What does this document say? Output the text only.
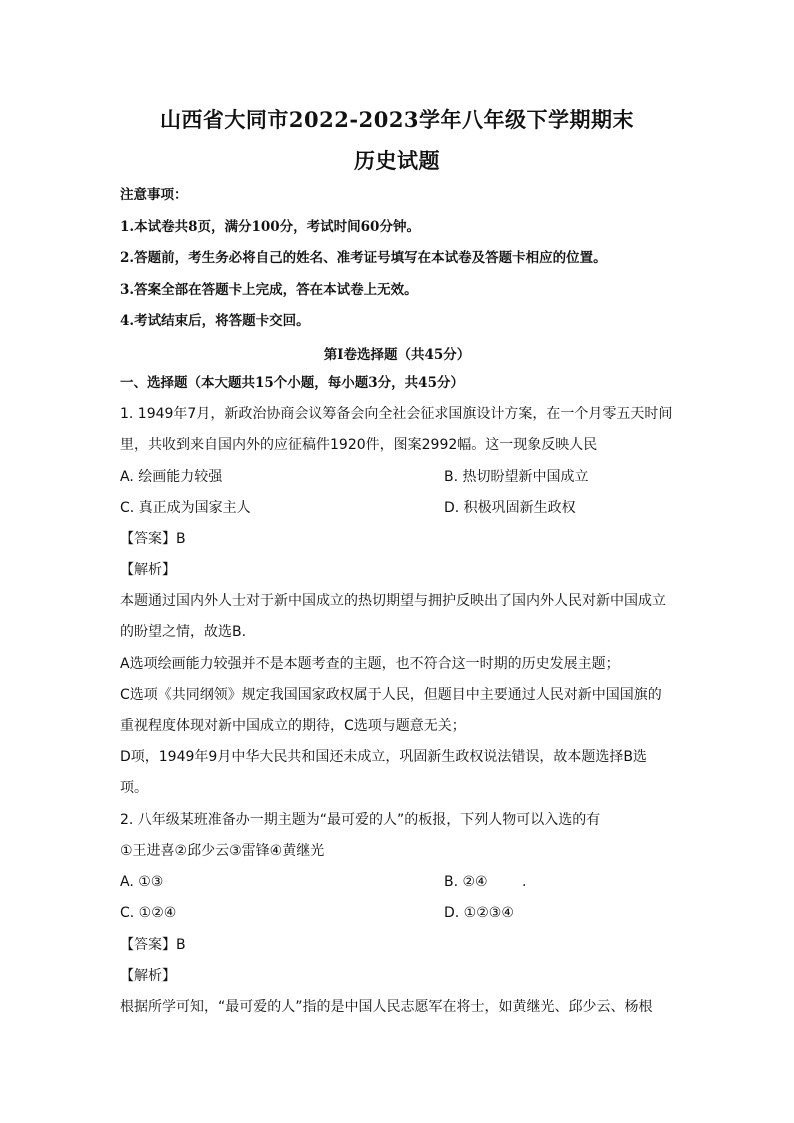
山西省大同市2022-2023学年八年级下学期期末
历史试题
注意事项：
1.本试卷共8页，满分100分，考试时间60分钟。
2.答题前，考生务必将自己的姓名、准考证号填写在本试卷及答题卡相应的位置。
3.答案全部在答题卡上完成，答在本试卷上无效。
4.考试结束后，将答题卡交回。
第Ⅰ卷选择题（共45分）
一、选择题（本大题共15个小题，每小题3分，共45分）
1. 1949年7月，新政治协商会议筹备会向全社会征求国旗设计方案，在一个月零五天时间
里，共收到来自国内外的应征稿件1920件，图案2992幅。这一现象反映人民
A. 绘画能力较强	B. 热切盼望新中国成立
C. 真正成为国家主人	D. 积极巩固新生政权
【答案】B
【解析】
本题通过国内外人士对于新中国成立的热切期望与拥护反映出了国内外人民对新中国成立
的盼望之情，故选B.
A选项绘画能力较强并不是本题考查的主题，也不符合这一时期的历史发展主题；
C选项《共同纲领》规定我国国家政权属于人民，但题目中主要通过人民对新中国国旗的
重视程度体现对新中国成立的期待，C选项与题意无关；
D项，1949年9月中华大民共和国还未成立，巩固新生政权说法错误，故本题选择B选
项。
2. 八年级某班准备办一期主题为“最可爱的人”的板报，下列人物可以入选的有
①王进喜②邱少云③雷锋④黄继光
A. ①③	B. ②④ .
C. ①②④	D. ①②③④
【答案】B
【解析】
根据所学可知，“最可爱的人”指的是中国人民志愿军在将士，如黄继光、邱少云、杨根
